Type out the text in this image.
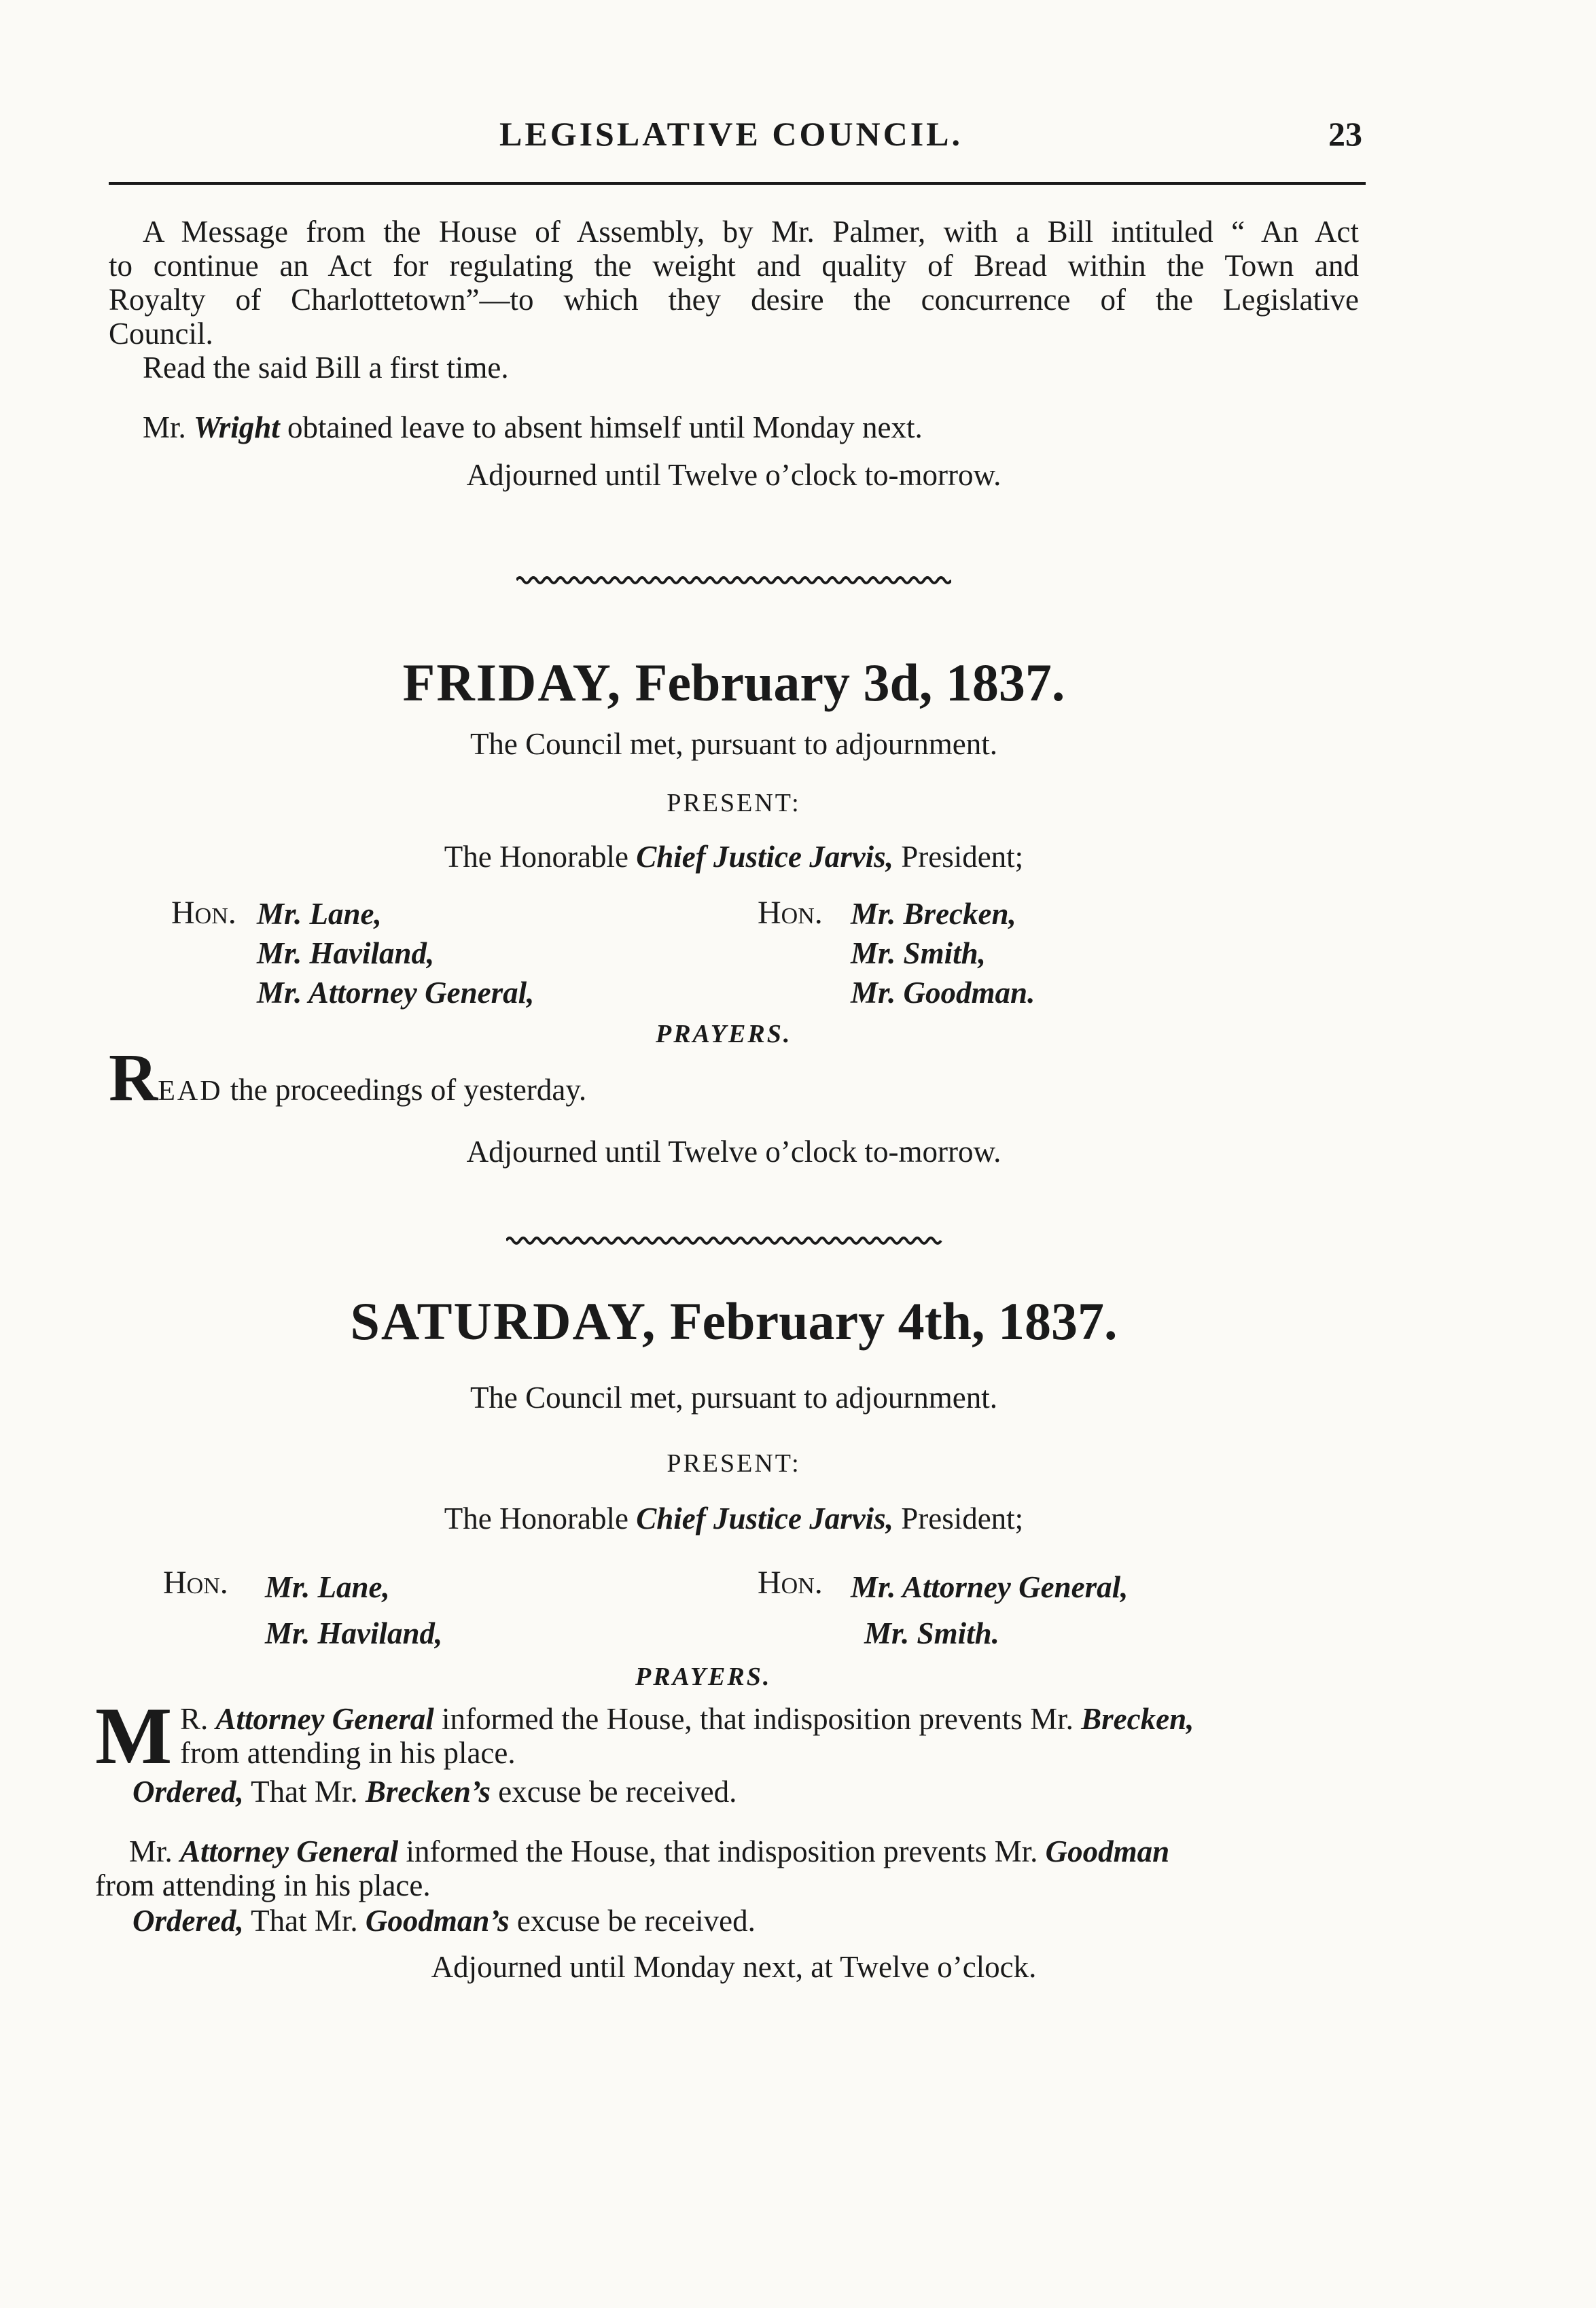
LEGISLATIVE COUNCIL.	23
A Message from the House of Assembly, by Mr. Palmer, with a Bill intituled “ An Act
to continue an Act for regulating the weight and quality of Bread within the Town and
Royalty of Charlottetown”—to which they desire the concurrence of the Legislative
Council.
Read the said Bill a first time.
Mr. Wright obtained leave to absent himself until Monday next.
Adjourned until Twelve o’clock to-morrow.
FRIDAY, February 3d, 1837.
The Council met, pursuant to adjournment.
PRESENT:
The Honorable Chief Justice Jarvis, President;
Hon. Mr. Lane,
Mr. Haviland,
Mr. Attorney General,
Hon. Mr. Brecken,
Mr. Smith,
Mr. Goodman.
PRAYERS.
READ the proceedings of yesterday.
Adjourned until Twelve o’clock to-morrow.
SATURDAY, February 4th, 1837.
The Council met, pursuant to adjournment.
PRESENT:
The Honorable Chief Justice Jarvis, President;
Hon. Mr. Lane,
Mr. Haviland,
Hon. Mr. Attorney General,
Mr. Smith.
PRAYERS.
M R. Attorney General informed the House, that indisposition prevents Mr. Brecken,
from attending in his place.
Ordered, That Mr. Brecken’s excuse be received.
Mr. Attorney General informed the House, that indisposition prevents Mr. Goodman
from attending in his place.
Ordered, That Mr. Goodman’s excuse be received.
Adjourned until Monday next, at Twelve o’clock.
